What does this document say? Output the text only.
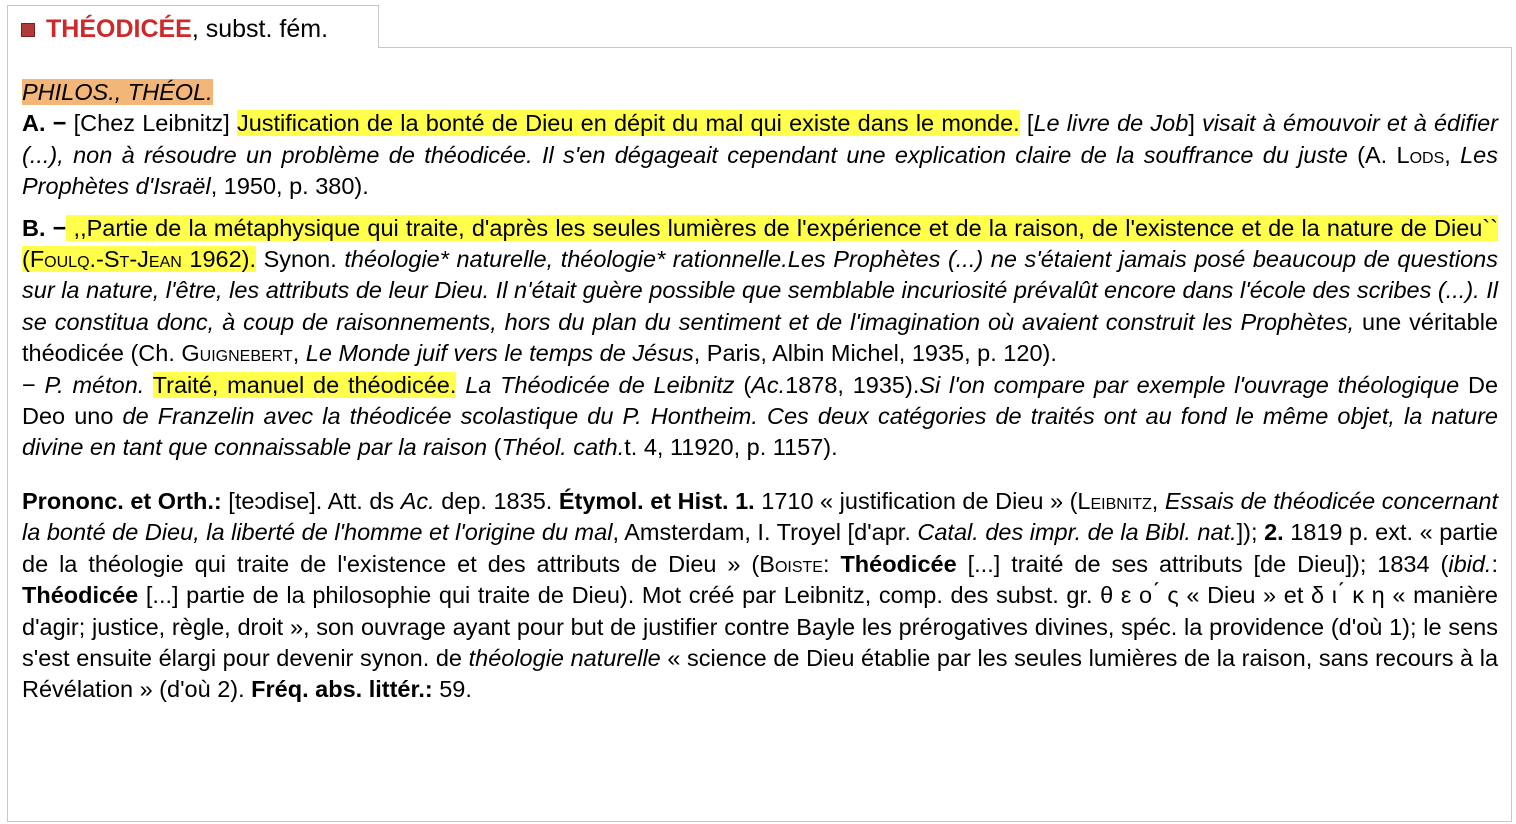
THÉODICÉE, subst. fém.

PHILOS., THÉOL.

A. − [Chez Leibnitz] Justification de la bonté de Dieu en dépit du mal qui existe dans le monde. [Le livre de Job] visait à émouvoir et à édifier (...), non à résoudre un problème de théodicée. Il s'en dégageait cependant une explication claire de la souffrance du juste (A. Lods, Les Prophètes d'Israël, 1950, p. 380).

B. − ,,Partie de la métaphysique qui traite, d'après les seules lumières de l'expérience et de la raison, de l'existence et de la nature de Dieu`` (Foulq.-St-Jean 1962). Synon. théologie* naturelle, théologie* rationnelle.Les Prophètes (...) ne s'étaient jamais posé beaucoup de questions sur la nature, l'être, les attributs de leur Dieu. Il n'était guère possible que semblable incuriosité prévalût encore dans l'école des scribes (...). Il se constitua donc, à coup de raisonnements, hors du plan du sentiment et de l'imagination où avaient construit les Prophètes, une véritable théodicée (Ch. Guignebert, Le Monde juif vers le temps de Jésus, Paris, Albin Michel, 1935, p. 120).

− P. méton. Traité, manuel de théodicée. La Théodicée de Leibnitz (Ac.1878, 1935).Si l'on compare par exemple l'ouvrage théologique De Deo uno de Franzelin avec la théodicée scolastique du P. Hontheim. Ces deux catégories de traités ont au fond le même objet, la nature divine en tant que connaissable par la raison (Théol. cath.t. 4, 11920, p. 1157).

Prononc. et Orth.: [teɔdise]. Att. ds Ac. dep. 1835. Étymol. et Hist. 1. 1710 « justification de Dieu » (Leibnitz, Essais de théodicée concernant la bonté de Dieu, la liberté de l'homme et l'origine du mal, Amsterdam, I. Troyel [d'apr. Catal. des impr. de la Bibl. nat.]); 2. 1819 p. ext. « partie de la théologie qui traite de l'existence et des attributs de Dieu » (Boiste: Théodicée [...] traité de ses attributs [de Dieu]); 1834 (ibid.: Théodicée [...] partie de la philosophie qui traite de Dieu). Mot créé par Leibnitz, comp. des subst. gr. θ ε ο ́ ς « Dieu » et δ ι ́ κ η « manière d'agir; justice, règle, droit », son ouvrage ayant pour but de justifier contre Bayle les prérogatives divines, spéc. la providence (d'où 1); le sens s'est ensuite élargi pour devenir synon. de théologie naturelle « science de Dieu établie par les seules lumières de la raison, sans recours à la Révélation » (d'où 2). Fréq. abs. littér.: 59.
